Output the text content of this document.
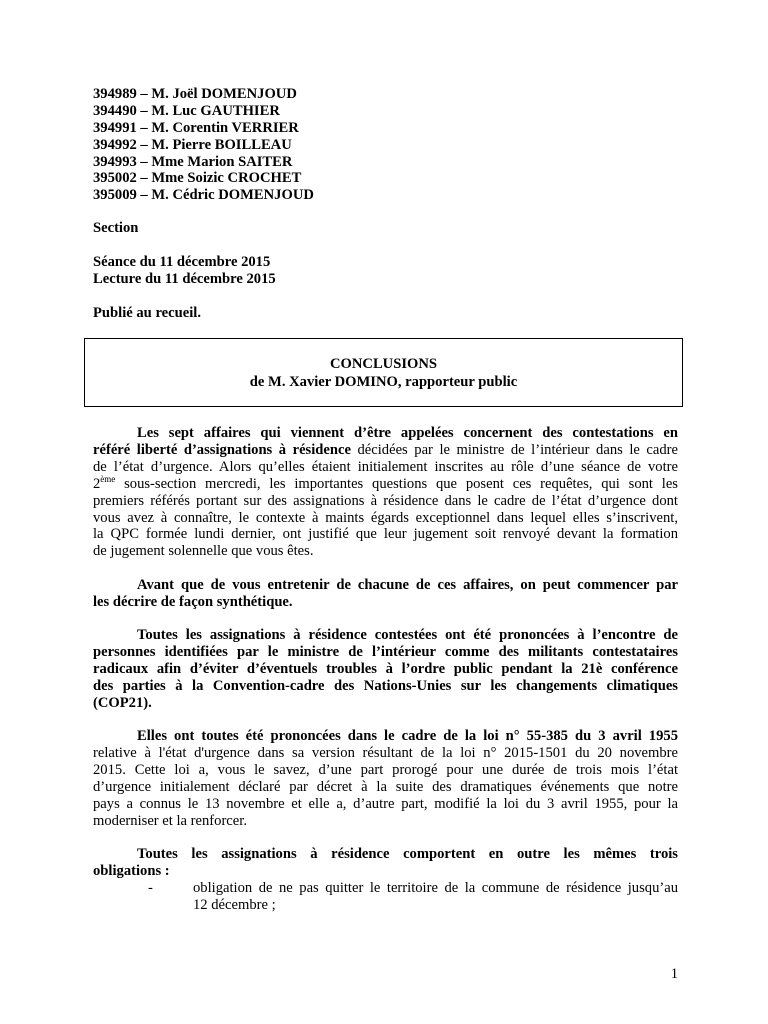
394989 – M. Joël DOMENJOUD
394490 – M. Luc GAUTHIER
394991 – M. Corentin VERRIER
394992 – M. Pierre BOILLEAU
394993 – Mme Marion SAITER
395002 – Mme Soizic CROCHET
395009 – M. Cédric DOMENJOUD
Section
Séance du 11 décembre 2015
Lecture du 11 décembre 2015
Publié au recueil.
CONCLUSIONS
de M. Xavier DOMINO, rapporteur public
Les sept affaires qui viennent d’être appelées concernent des contestations en
référé liberté d’assignations à résidence décidées par le ministre de l’intérieur dans le cadre
de l’état d’urgence. Alors qu’elles étaient initialement inscrites au rôle d’une séance de votre
2ème sous-section mercredi, les importantes questions que posent ces requêtes, qui sont les
premiers référés portant sur des assignations à résidence dans le cadre de l’état d’urgence dont
vous avez à connaître, le contexte à maints égards exceptionnel dans lequel elles s’inscrivent,
la QPC formée lundi dernier, ont justifié que leur jugement soit renvoyé devant la formation
de jugement solennelle que vous êtes.
Avant que de vous entretenir de chacune de ces affaires, on peut commencer par
les décrire de façon synthétique.
Toutes les assignations à résidence contestées ont été prononcées à l’encontre de
personnes identifiées par le ministre de l’intérieur comme des militants contestataires
radicaux afin d’éviter d’éventuels troubles à l’ordre public pendant la 21è conférence
des parties à la Convention-cadre des Nations-Unies sur les changements climatiques
(COP21).
Elles ont toutes été prononcées dans le cadre de la loi n° 55-385 du 3 avril 1955
relative à l'état d'urgence dans sa version résultant de la loi n° 2015-1501 du 20 novembre
2015. Cette loi a, vous le savez, d’une part prorogé pour une durée de trois mois l’état
d’urgence initialement déclaré par décret à la suite des dramatiques événements que notre
pays a connus le 13 novembre et elle a, d’autre part, modifié la loi du 3 avril 1955, pour la
moderniser et la renforcer.
Toutes les assignations à résidence comportent en outre les mêmes trois
obligations :
-	obligation de ne pas quitter le territoire de la commune de résidence jusqu’au
12 décembre ;
1
